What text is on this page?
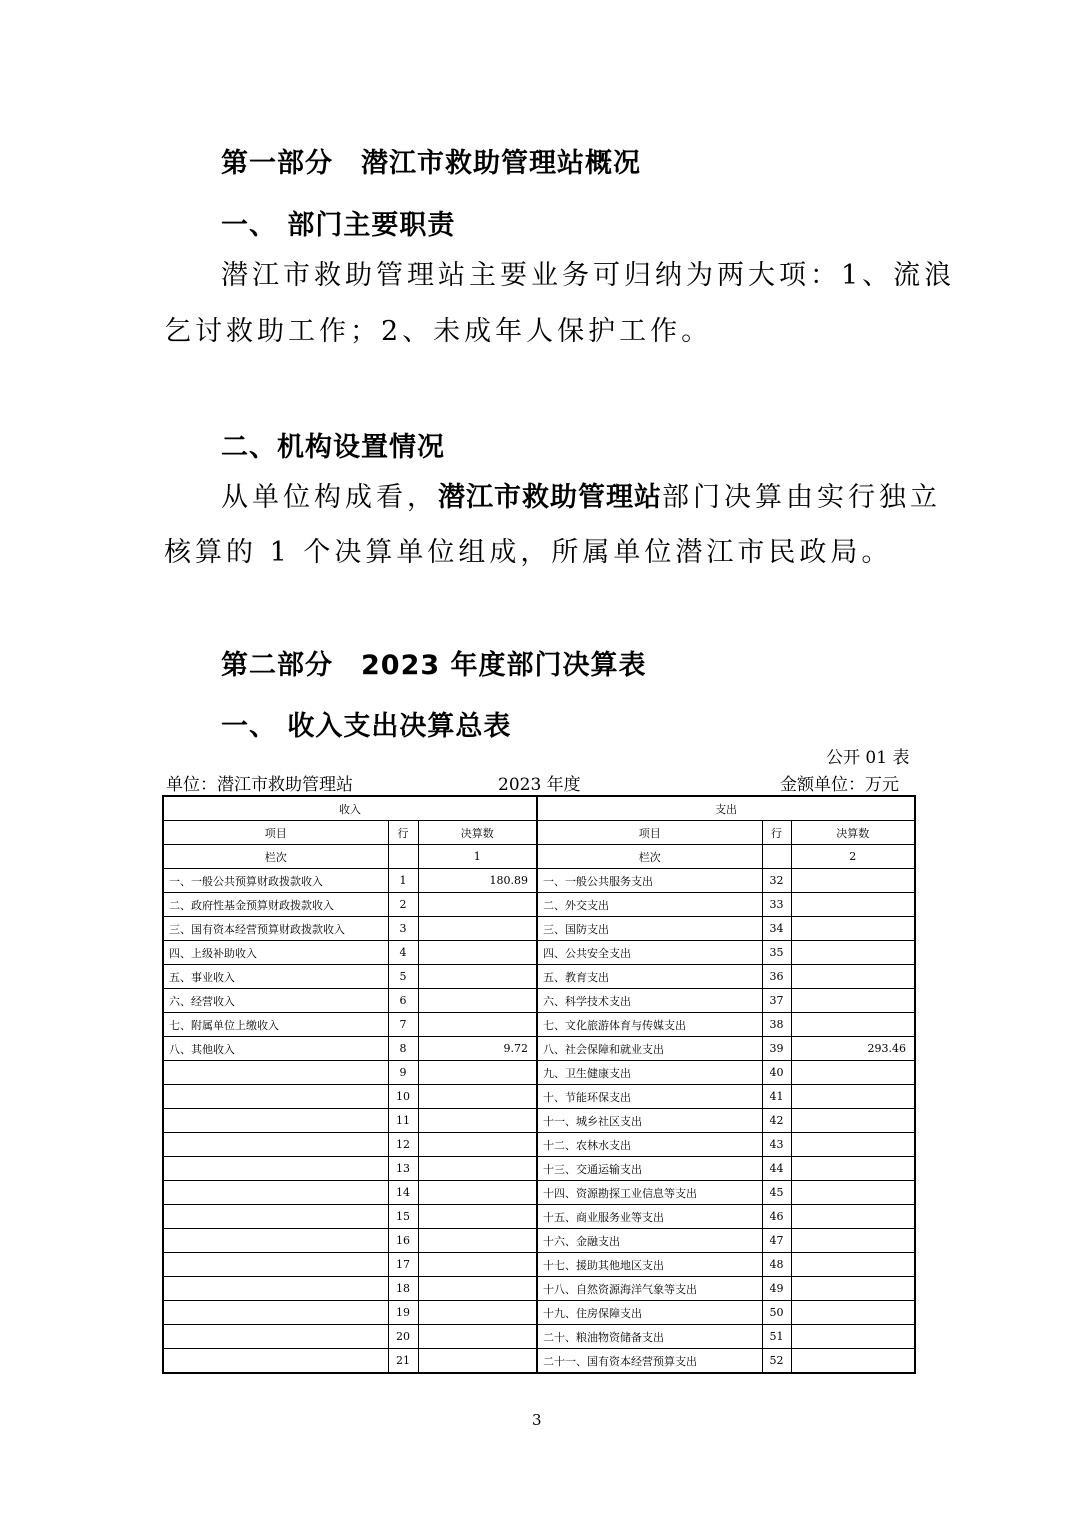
第一部分　潜江市救助管理站概况
一、 部门主要职责
潜江市救助管理站主要业务可归纳为两大项：1、流浪
乞讨救助工作；2、未成年人保护工作。
二、机构设置情况
从单位构成看，潜江市救助管理站部门决算由实行独立
核算的 1 个决算单位组成，所属单位潜江市民政局。
第二部分　2023 年度部门决算表
一、 收入支出决算总表
公开 01 表
单位：潜江市救助管理站	2023 年度	金额单位：万元
收入			支出		
项目	行	决算数	项目	行	决算数
栏次		1	栏次		2
一、一般公共预算财政拨款收入	1	180.89	一、一般公共服务支出	32	
二、政府性基金预算财政拨款收入	2		二、外交支出	33	
三、国有资本经营预算财政拨款收入	3		三、国防支出	34	
四、上级补助收入	4		四、公共安全支出	35	
五、事业收入	5		五、教育支出	36	
六、经营收入	6		六、科学技术支出	37	
七、附属单位上缴收入	7		七、文化旅游体育与传媒支出	38	
八、其他收入	8	9.72	八、社会保障和就业支出	39	293.46
	9		九、卫生健康支出	40	
	10		十、节能环保支出	41	
	11		十一、城乡社区支出	42	
	12		十二、农林水支出	43	
	13		十三、交通运输支出	44	
	14		十四、资源勘探工业信息等支出	45	
	15		十五、商业服务业等支出	46	
	16		十六、金融支出	47	
	17		十七、援助其他地区支出	48	
	18		十八、自然资源海洋气象等支出	49	
	19		十九、住房保障支出	50	
	20		二十、粮油物资储备支出	51	
	21		二十一、国有资本经营预算支出	52	
3
